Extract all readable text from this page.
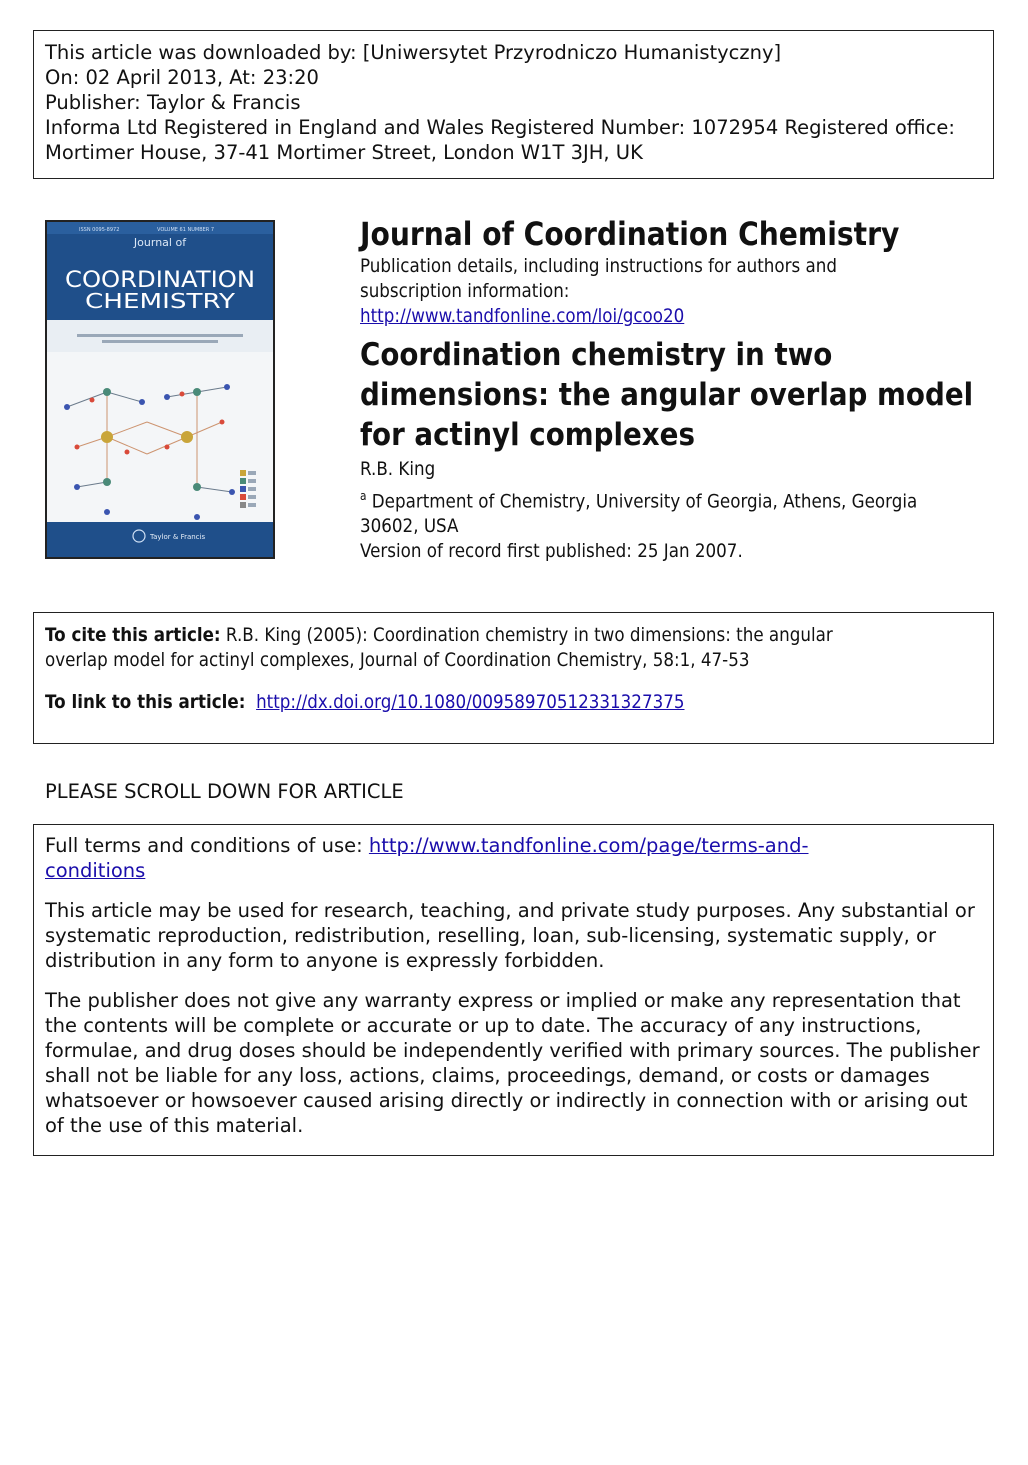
This article was downloaded by: [Uniwersytet Przyrodniczo Humanistyczny]
On: 02 April 2013, At: 23:20
Publisher: Taylor & Francis
Informa Ltd Registered in England and Wales Registered Number: 1072954 Registered office: Mortimer House, 37-41 Mortimer Street, London W1T 3JH, UK
ISSN 0095-8972	VOLUME 61 NUMBER 7
Journal of
COORDINATION
CHEMISTRY
Taylor & Francis
Journal of Coordination Chemistry
Publication details, including instructions for authors and
subscription information:
http://www.tandfonline.com/loi/gcoo20
Coordination chemistry in two dimensions: the angular overlap model for actinyl complexes
R.B. King
$^a$ Department of Chemistry, University of Georgia, Athens, Georgia
30602, USA
Version of record first published: 25 Jan 2007.
To cite this article: R.B. King (2005): Coordination chemistry in two dimensions: the angular
overlap model for actinyl complexes, Journal of Coordination Chemistry, 58:1, 47-53
To link to this article: http://dx.doi.org/10.1080/00958970512331327375
PLEASE SCROLL DOWN FOR ARTICLE

Full terms and conditions of use: http://www.tandfonline.com/page/terms-and-
conditions

This article may be used for research, teaching, and private study purposes. Any substantial or systematic reproduction, redistribution, reselling, loan, sub-licensing, systematic supply, or distribution in any form to anyone is expressly forbidden.

The publisher does not give any warranty express or implied or make any representation that the contents will be complete or accurate or up to date. The accuracy of any instructions, formulae, and drug doses should be independently verified with primary sources. The publisher shall not be liable for any loss, actions, claims, proceedings, demand, or costs or damages whatsoever or howsoever caused arising directly or indirectly in connection with or arising out of the use of this material.
